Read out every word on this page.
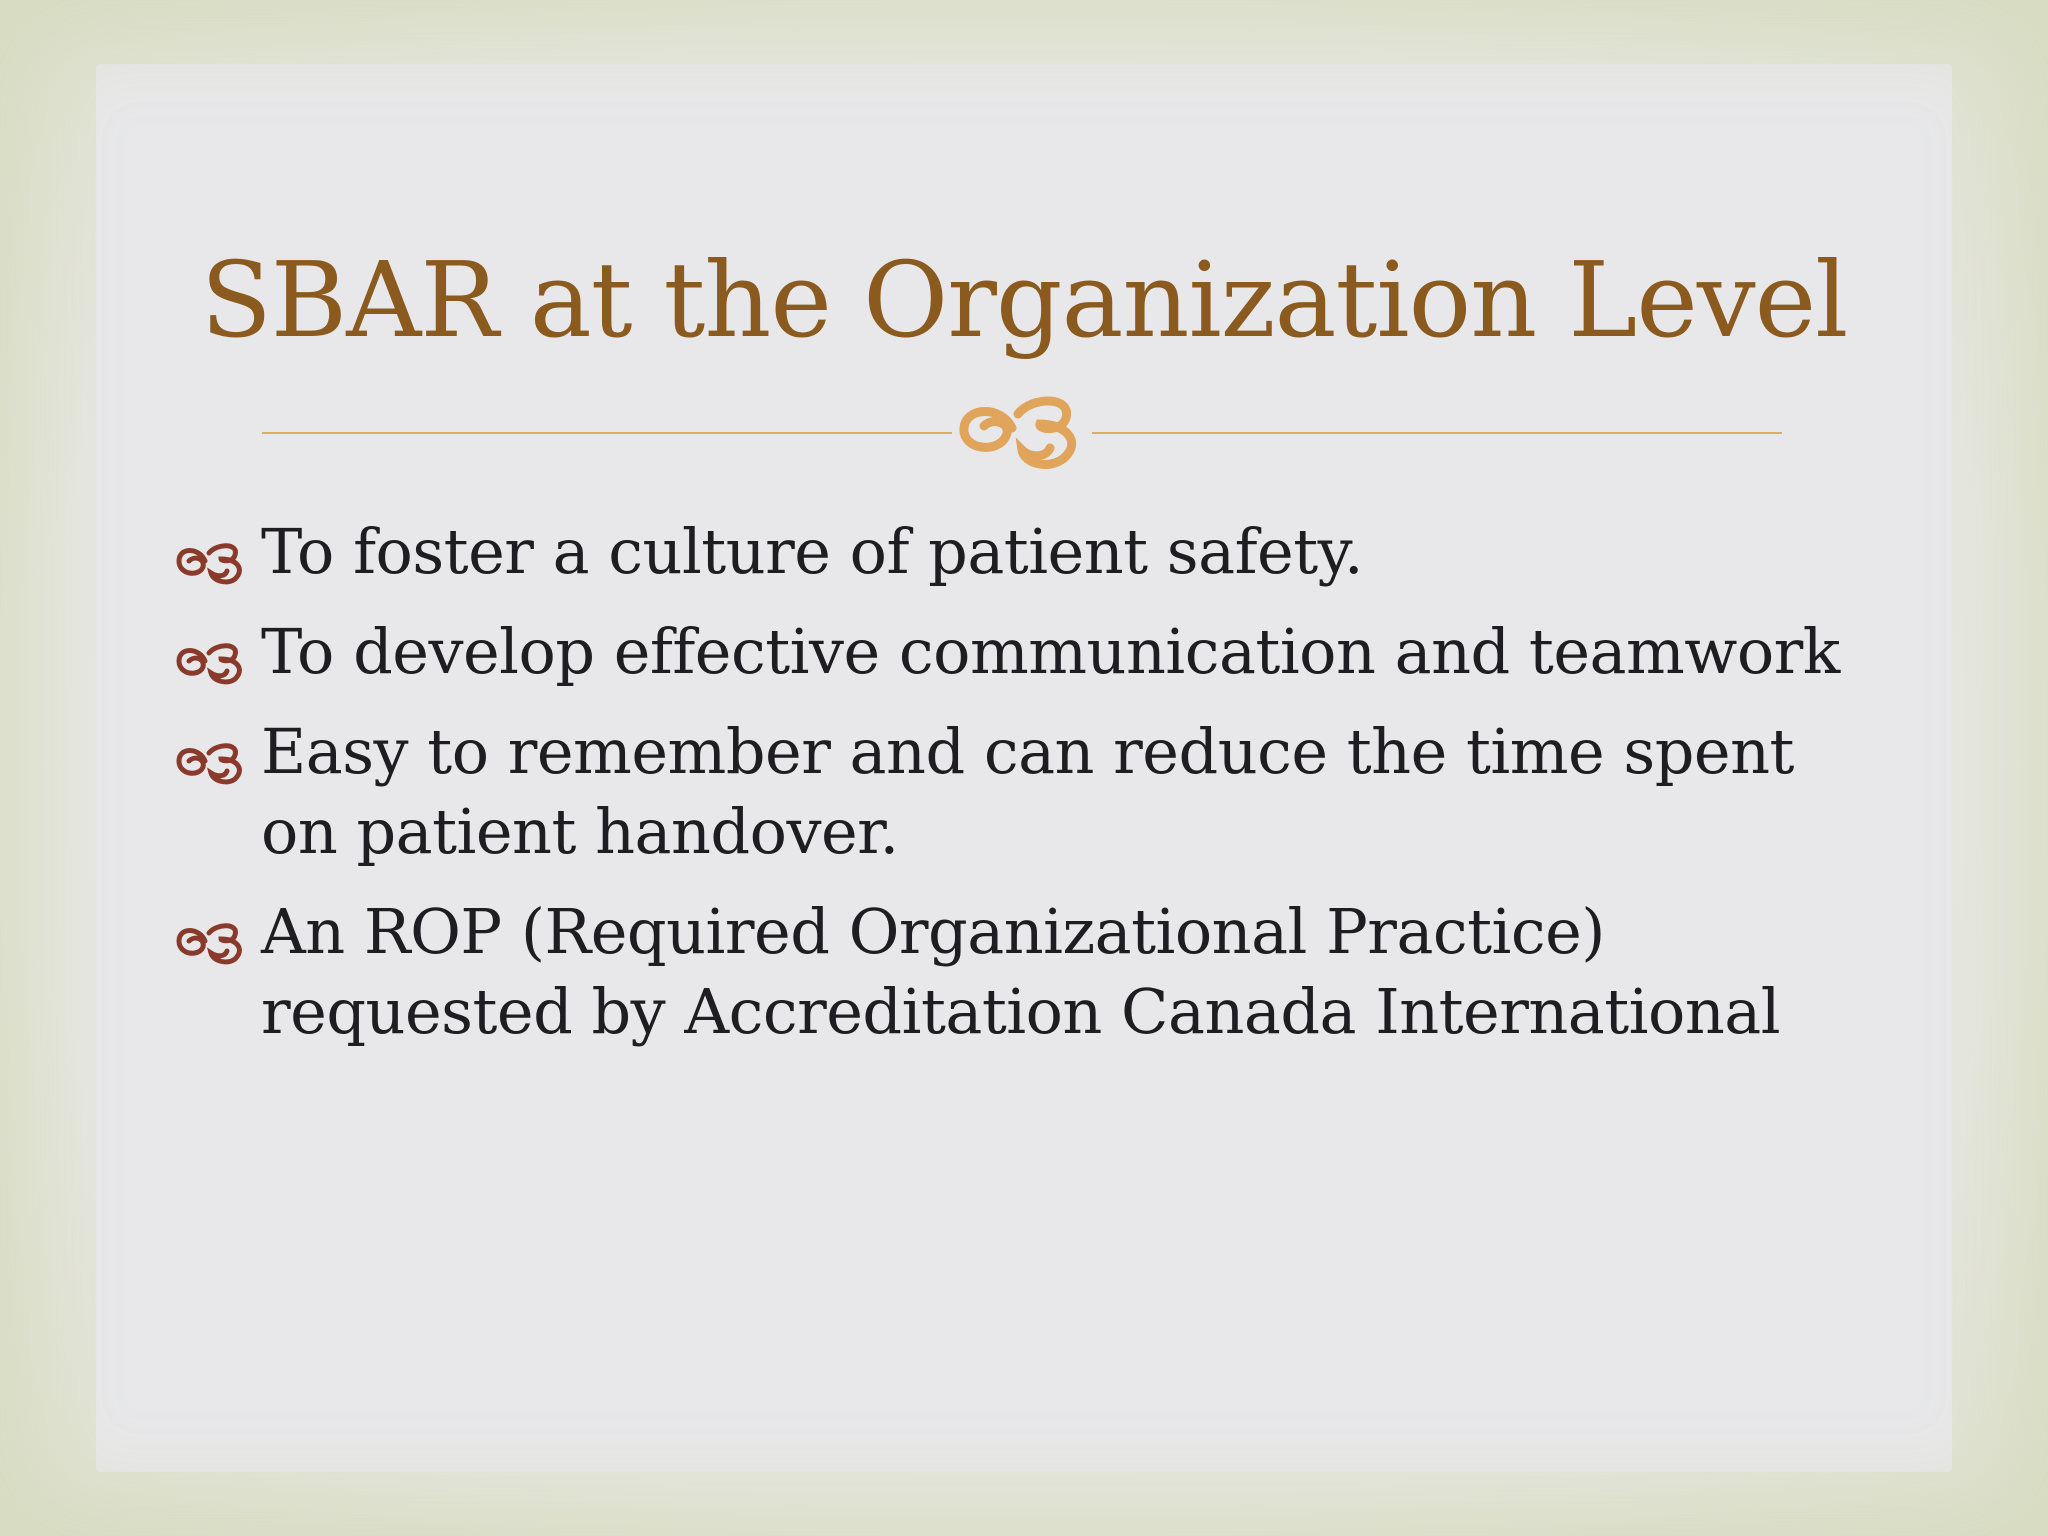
SBAR at the Organization Level
To foster a culture of patient safety.
To develop effective communication and teamwork
Easy to remember and can reduce the time spent on patient handover.
An ROP (Required Organizational Practice) requested by Accreditation Canada International
